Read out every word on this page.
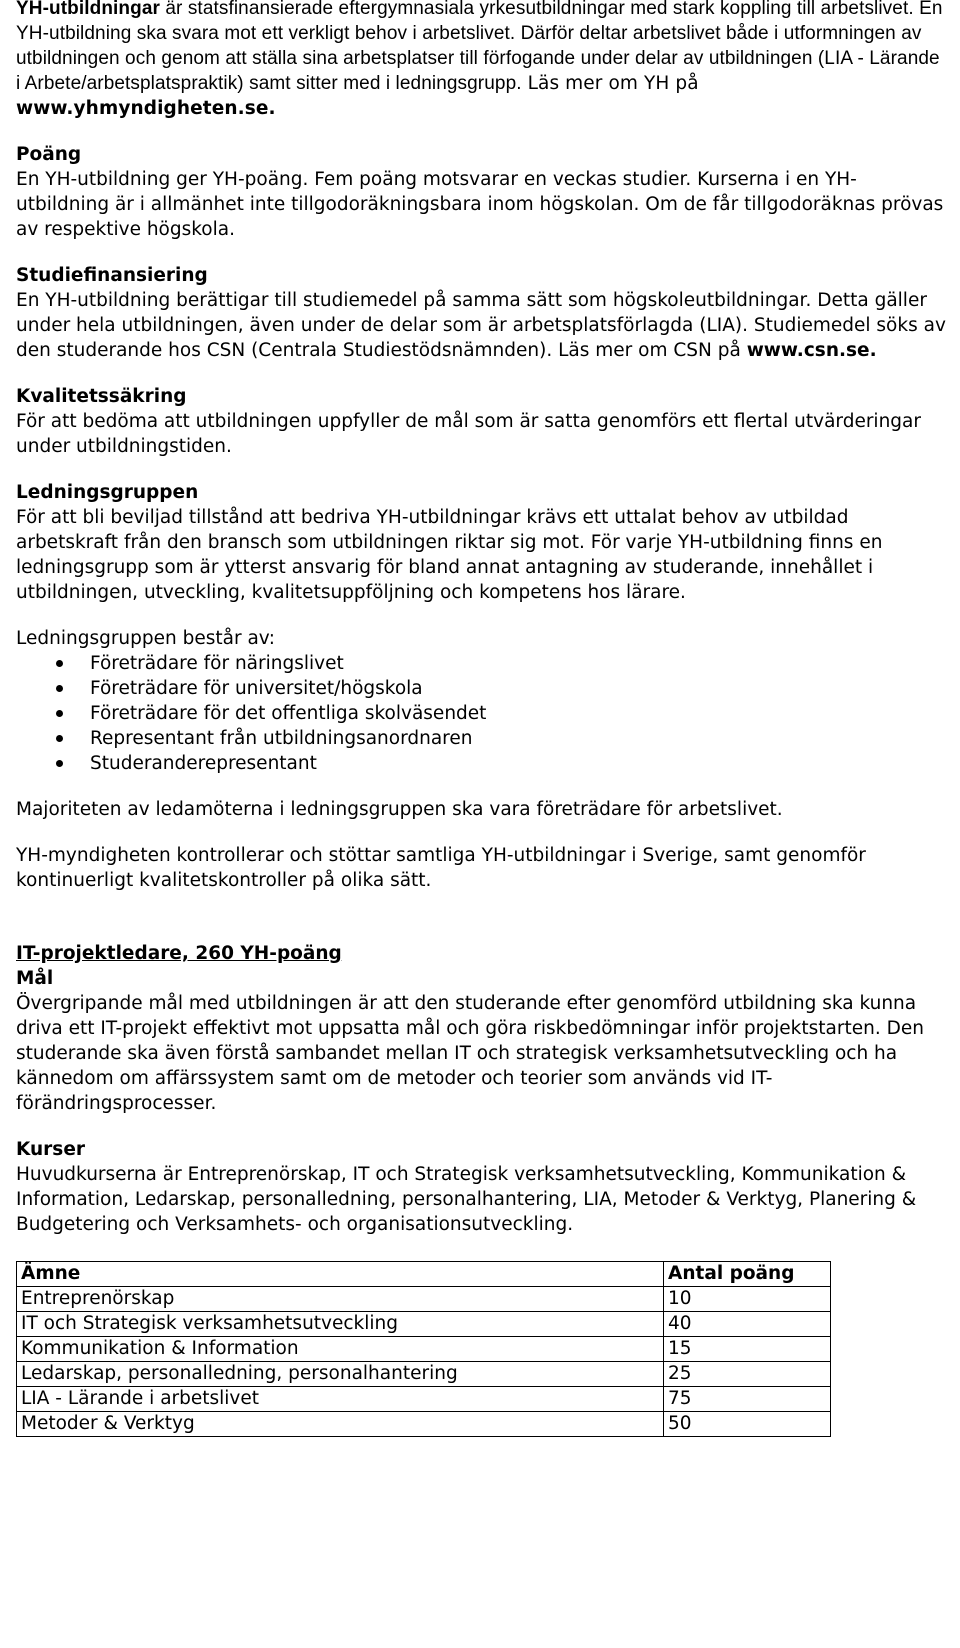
YH-utbildningar är statsfinansierade eftergymnasiala yrkesutbildningar med stark koppling till arbetslivet. En YH-utbildning ska svara mot ett verkligt behov i arbetslivet. Därför deltar arbetslivet både i utformningen av utbildningen och genom att ställa sina arbetsplatser till förfogande under delar av utbildningen (LIA - Lärande i Arbete/arbetsplatspraktik) samt sitter med i ledningsgrupp. Läs mer om YH på www.yhmyndigheten.se.

Poäng

En YH-utbildning ger YH-poäng. Fem poäng motsvarar en veckas studier. Kurserna i en YH-utbildning är i allmänhet inte tillgodoräkningsbara inom högskolan. Om de får tillgodoräknas prövas av respektive högskola.

Studiefinansiering

En YH-utbildning berättigar till studiemedel på samma sätt som högskoleutbildningar. Detta gäller under hela utbildningen, även under de delar som är arbetsplatsförlagda (LIA). Studiemedel söks av den studerande hos CSN (Centrala Studiestödsnämnden). Läs mer om CSN på www.csn.se.

Kvalitetssäkring

För att bedöma att utbildningen uppfyller de mål som är satta genomförs ett flertal utvärderingar under utbildningstiden.

Ledningsgruppen

För att bli beviljad tillstånd att bedriva YH-utbildningar krävs ett uttalat behov av utbildad arbetskraft från den bransch som utbildningen riktar sig mot. För varje YH-utbildning finns en ledningsgrupp som är ytterst ansvarig för bland annat antagning av studerande, innehållet i utbildningen, utveckling, kvalitetsuppföljning och kompetens hos lärare.

Ledningsgruppen består av:

Företrädare för näringslivet
Företrädare för universitet/högskola
Företrädare för det offentliga skolväsendet
Representant från utbildningsanordnaren
Studeranderepresentant

Majoriteten av ledamöterna i ledningsgruppen ska vara företrädare för arbetslivet.

YH-myndigheten kontrollerar och stöttar samtliga YH-utbildningar i Sverige, samt genomför kontinuerligt kvalitetskontroller på olika sätt.

IT-projektledare, 260 YH-poäng

Mål

Övergripande mål med utbildningen är att den studerande efter genomförd utbildning ska kunna driva ett IT-projekt effektivt mot uppsatta mål och göra riskbedömningar inför projektstarten. Den studerande ska även förstå sambandet mellan IT och strategisk verksamhetsutveckling och ha kännedom om affärssystem samt om de metoder och teorier som används vid IT-förändringsprocesser.

Kurser

Huvudkurserna är Entreprenörskap, IT och Strategisk verksamhetsutveckling, Kommunikation & Information, Ledarskap, personalledning, personalhantering, LIA, Metoder & Verktyg, Planering & Budgetering och Verksamhets- och organisationsutveckling.

Ämne	Antal poäng
Entreprenörskap	10
IT och Strategisk verksamhetsutveckling	40
Kommunikation & Information	15
Ledarskap, personalledning, personalhantering	25
LIA - Lärande i arbetslivet	75
Metoder & Verktyg	50
